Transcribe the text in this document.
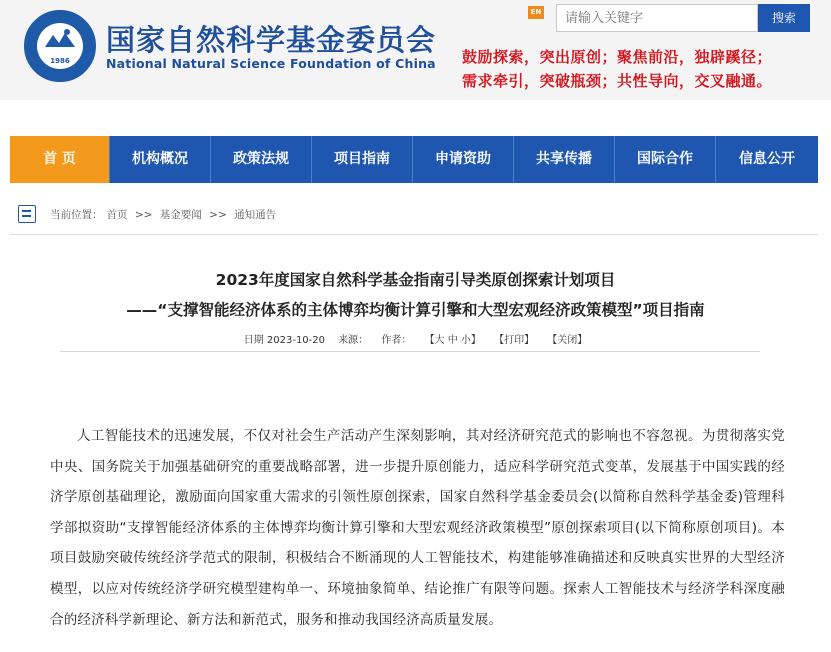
1986
国家自然科学基金委员会
National Natural Science Foundation of China
EN
请输入关键字	搜索
鼓励探索，突出原创；聚焦前沿，独辟蹊径；
需求牵引，突破瓶颈；共性导向，交叉融通。
首 页	机构概况	政策法规	项目指南	申请资助	共享传播	国际合作	信息公开
当前位置： 首页 >> 基金要闻 >> 通知通告
2023年度国家自然科学基金指南引导类原创探索计划项目
——“支撑智能经济体系的主体博弈均衡计算引擎和大型宏观经济政策模型”项目指南
日期 2023-10-20 来源： 作者： 【大 中 小】 【打印】 【关闭】
人工智能技术的迅速发展，不仅对社会生产活动产生深刻影响，其对经济研究范式的影响也不容忽视。为贯彻落实党中央、国务院关于加强基础研究的重要战略部署，进一步提升原创能力，适应科学研究范式变革，发展基于中国实践的经济学原创基础理论，激励面向国家重大需求的引领性原创探索，国家自然科学基金委员会(以简称自然科学基金委)管理科学部拟资助“支撑智能经济体系的主体博弈均衡计算引擎和大型宏观经济政策模型”原创探索项目(以下简称原创项目)。本项目鼓励突破传统经济学范式的限制，积极结合不断涌现的人工智能技术，构建能够准确描述和反映真实世界的大型经济模型，以应对传统经济学研究模型建构单一、环境抽象简单、结论推广有限等问题。探索人工智能技术与经济学科深度融合的经济科学新理论、新方法和新范式，服务和推动我国经济高质量发展。
